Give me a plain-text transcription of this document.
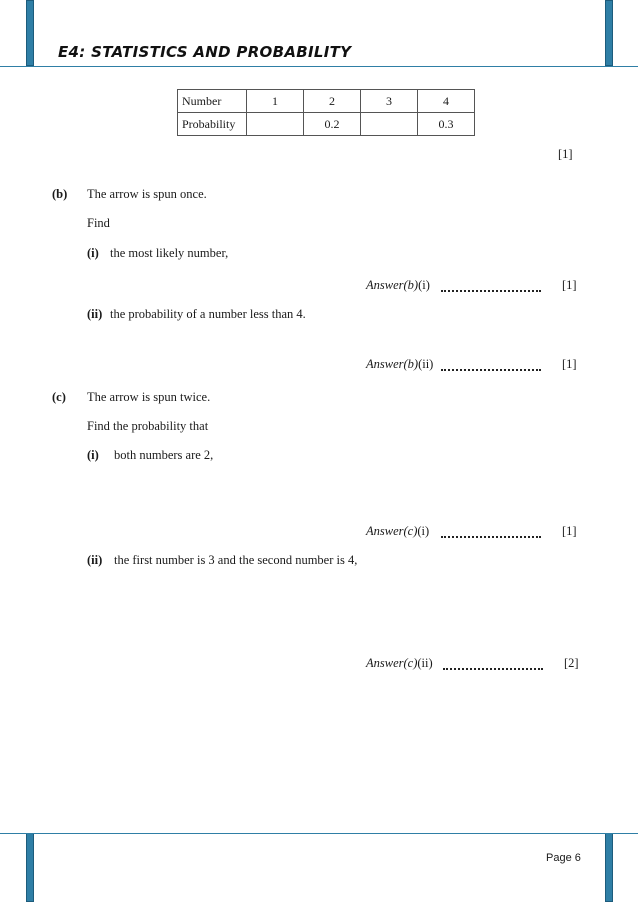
E4: STATISTICS AND PROBABILITY
Number	1	2	3	4
Probability		0.2		0.3
[1]
(b) The arrow is spun once.
Find
(i) the most likely number,
Answer(b)(i)	[1]
(ii) the probability of a number less than 4.
Answer(b)(ii)	[1]
(c) The arrow is spun twice.
Find the probability that
(i) both numbers are 2,
Answer(c)(i)	[1]
(ii) the first number is 3 and the second number is 4,
Answer(c)(ii)	[2]
Page 6
